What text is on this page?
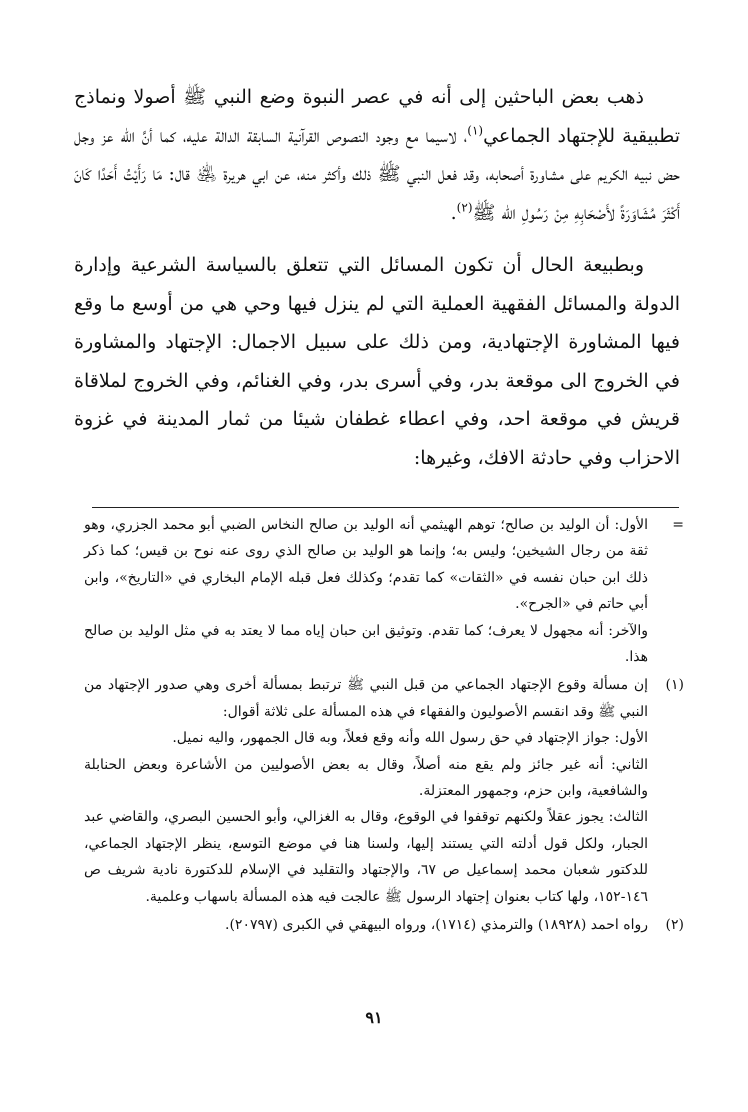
ذهب بعض الباحثين إلى أنه في عصر النبوة وضع النبي ﷺ أصولا ونماذج تطبيقية للإجتهاد الجماعي$^{(١)}$، لاسيما مع وجود النصوص القرآنية السابقة الدالة عليه، كما أنَّ الله عز وجل حض نبيه الكريم على مشاورة أصحابه، وقد فعل النبي ﷺ ذلك وأكثر منه، عن ابي هريرة ﵁ قال: مَا رَأَيْتُ أَحَدًا كَانَ أَكْثَرَ مُشَاوَرَةً لأَصْحَابِهِ مِنْ رَسُولِ الله ﷺ$^{(٢)}$.

وبطبيعة الحال أن تكون المسائل التي تتعلق بالسياسة الشرعية وإدارة الدولة والمسائل الفقهية العملية التي لم ينزل فيها وحي هي من أوسع ما وقع فيها المشاورة الإجتهادية، ومن ذلك على سبيل الاجمال: الإجتهاد والمشاورة في الخروج الى موقعة بدر، وفي أسرى بدر، وفي الغنائم، وفي الخروج لملاقاة قريش في موقعة احد، وفي اعطاء غطفان شيئا من ثمار المدينة في غزوة الاحزاب وفي حادثة الافك، وغيرها:

=

الأول: أن الوليد بن صالح؛ توهم الهيثمي أنه الوليد بن صالح النخاس الضبي أبو محمد الجزري، وهو ثقة من رجال الشيخين؛ وليس به؛ وإنما هو الوليد بن صالح الذي روى عنه نوح بن قيس؛ كما ذكر ذلك ابن حبان نفسه في «الثقات» كما تقدم؛ وكذلك فعل قبله الإمام البخاري في «التاريخ»، وابن أبي حاتم في «الجرح».

والآخر: أنه مجهول لا يعرف؛ كما تقدم. وتوثيق ابن حبان إياه مما لا يعتد به في مثل الوليد بن صالح هذا.

(١)

إن مسألة وقوع الإجتهاد الجماعي من قبل النبي ﷺ ترتبط بمسألة أخرى وهي صدور الإجتهاد من النبي ﷺ وقد انقسم الأصوليون والفقهاء في هذه المسألة على ثلاثة أقوال:

الأول: جواز الإجتهاد في حق رسول الله وأنه وقع فعلاً، وبه قال الجمهور، واليه نميل.

الثاني: أنه غير جائز ولم يقع منه أصلاً، وقال به بعض الأصوليين من الأشاعرة وبعض الحنابلة والشافعية، وابن حزم، وجمهور المعتزلة.

الثالث: يجوز عقلاً ولكنهم توقفوا في الوقوع، وقال به الغزالي، وأبو الحسين البصري، والقاضي عبد الجبار، ولكل قول أدلته التي يستند إليها، ولسنا هنا في موضع التوسع، ينظر الإجتهاد الجماعي، للدكتور شعبان محمد إسماعيل ص ٦٧، والإجتهاد والتقليد في الإسلام للدكتورة نادية شريف ص ١٤٦-١٥٢، ولها كتاب بعنوان إجتهاد الرسول ﷺ عالجت فيه هذه المسألة باسهاب وعلمية.

(٢)

رواه احمد (١٨٩٢٨) والترمذي (١٧١٤)، ورواه البيهقي في الكبرى (٢٠٧٩٧).

٩١
